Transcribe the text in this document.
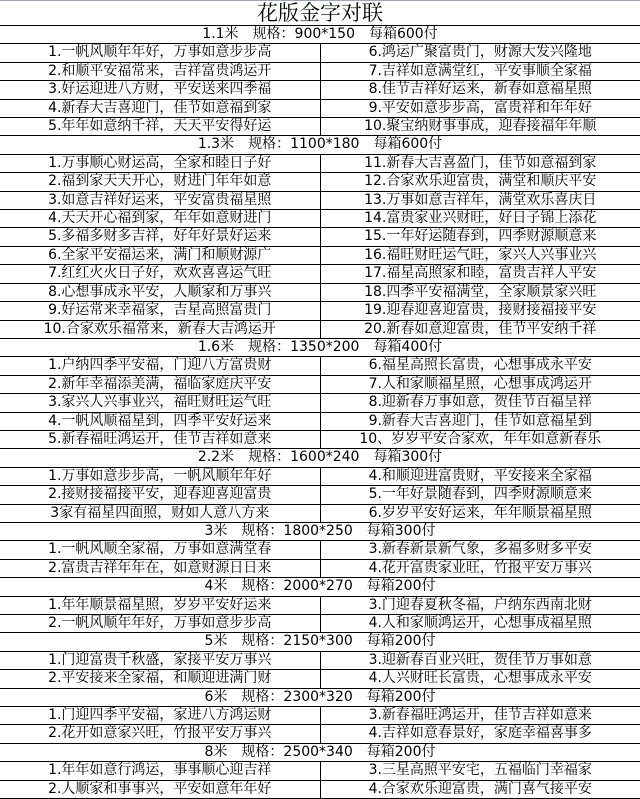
花版金字对联	
1.1米　规格：900*150　每箱600付	
1.一帆风顺年年好，万事如意步步高	6.鸿运广聚富贵门，财源大发兴隆地
2.和顺平安福常来，吉祥富贵鸿运开	7.吉祥如意满堂红，平安事顺全家福
3.好运迎进八方财，平安送来四季福	8.佳节吉祥好运来，新春如意福星照
4.新春大吉喜迎门，佳节如意福到家	9.平安如意步步高，富贵祥和年年好
5.年年如意纳千祥，天天平安得好运	10.聚宝纳财事事成，迎春接福年年顺
1.3米　规格：1100*180　每箱600付	
1.万事顺心财运高，全家和睦日子好	11.新春大吉喜盈门，佳节如意福到家
2.福到家天天开心，财进门年年如意	12.合家欢乐迎富贵，满堂和顺庆平安
3.如意吉祥好运来，平安富贵福星照	13.万事如意吉祥年，满堂欢乐喜庆日
4.天天开心福到家，年年如意财进门	14.富贵家业兴财旺，好日子锦上添花
5.多福多财多吉祥，好年好景好运来	15.一年好运随春到，四季财源顺意来
6.全家平安福运来，满门和顺财源广	16.福旺财旺运气旺，家兴人兴事业兴
7.红红火火日子好，欢欢喜喜运气旺	17.福星高照家和睦，富贵吉祥人平安
8.心想事成永平安，人顺家和万事兴	18.四季平安福满堂，全家顺景家兴旺
9.好运常来幸福家，吉星高照富贵门	19.迎春迎喜迎富贵，接财接福接平安
10.合家欢乐福常来，新春大吉鸿运开	20.新春如意迎富贵，佳节平安纳千祥
1.6米　规格：1350*200　每箱400付	
1.户纳四季平安福，门迎八方富贵财	6.福星高照长富贵，心想事成永平安
2.新年幸福添美满，福临家庭庆平安	7.人和家顺福星照，心想事成鸿运开
3.家兴人兴事业兴，福旺财旺运气旺	8.迎新春万事如意，贺佳节百福呈祥
4.一帆风顺福星到，四季平安好运来	9.新春大吉喜迎门，佳节如意福星到
5.新春福旺鸿运开，佳节吉祥如意来	10、岁岁平安合家欢，年年如意新春乐
2.2米　规格：1600*240　每箱300付	
1.万事如意步步高，一帆风顺年年好	4.和顺迎进富贵财，平安接来全家福
2.接财接福接平安，迎春迎喜迎富贵	5.一年好景随春到，四季财源顺意来
3家有福星四面照，财如人意八方来	6.岁岁平安好运来，年年顺景福星照
3米　规格：1800*250　每箱300付	
1.一帆风顺全家福，万事如意满堂春	3.新春新景新气象，多福多财多平安
2.富贵吉祥年年在，如意财源日日来	4.花开富贵家业旺，竹报平安万事兴
4米　规格：2000*270　每箱200付	
1.年年顺景福星照，岁岁平安好运来	3.门迎春夏秋冬福，户纳东西南北财
2.一帆风顺年年好，万事如意步步高	4.人和家顺鸿运开，心想事成福星照
5米　规格：2150*300　每箱200付	
1.门迎富贵千秋盛，家接平安万事兴	3.迎新春百业兴旺，贺佳节万事如意
2.平安接来全家福，和顺迎进满门财	4.人兴财旺长富贵，心想事成永平安
6米　规格：2300*320　每箱200付	
1.门迎四季平安福，家进八方鸿运财	3.新春福旺鸿运开，佳节吉祥如意来
2.花开如意家兴旺，竹报平安万事兴	4.吉祥如意春景好，家庭幸福喜事多
8米　规格：2500*340　每箱200付	
1.年年如意行鸿运，事事顺心迎吉祥	3.三星高照平安宅，五福临门幸福家
2.人顺家和事事兴，平安如意年年好	4.合家欢乐迎富贵，满门喜气接平安
